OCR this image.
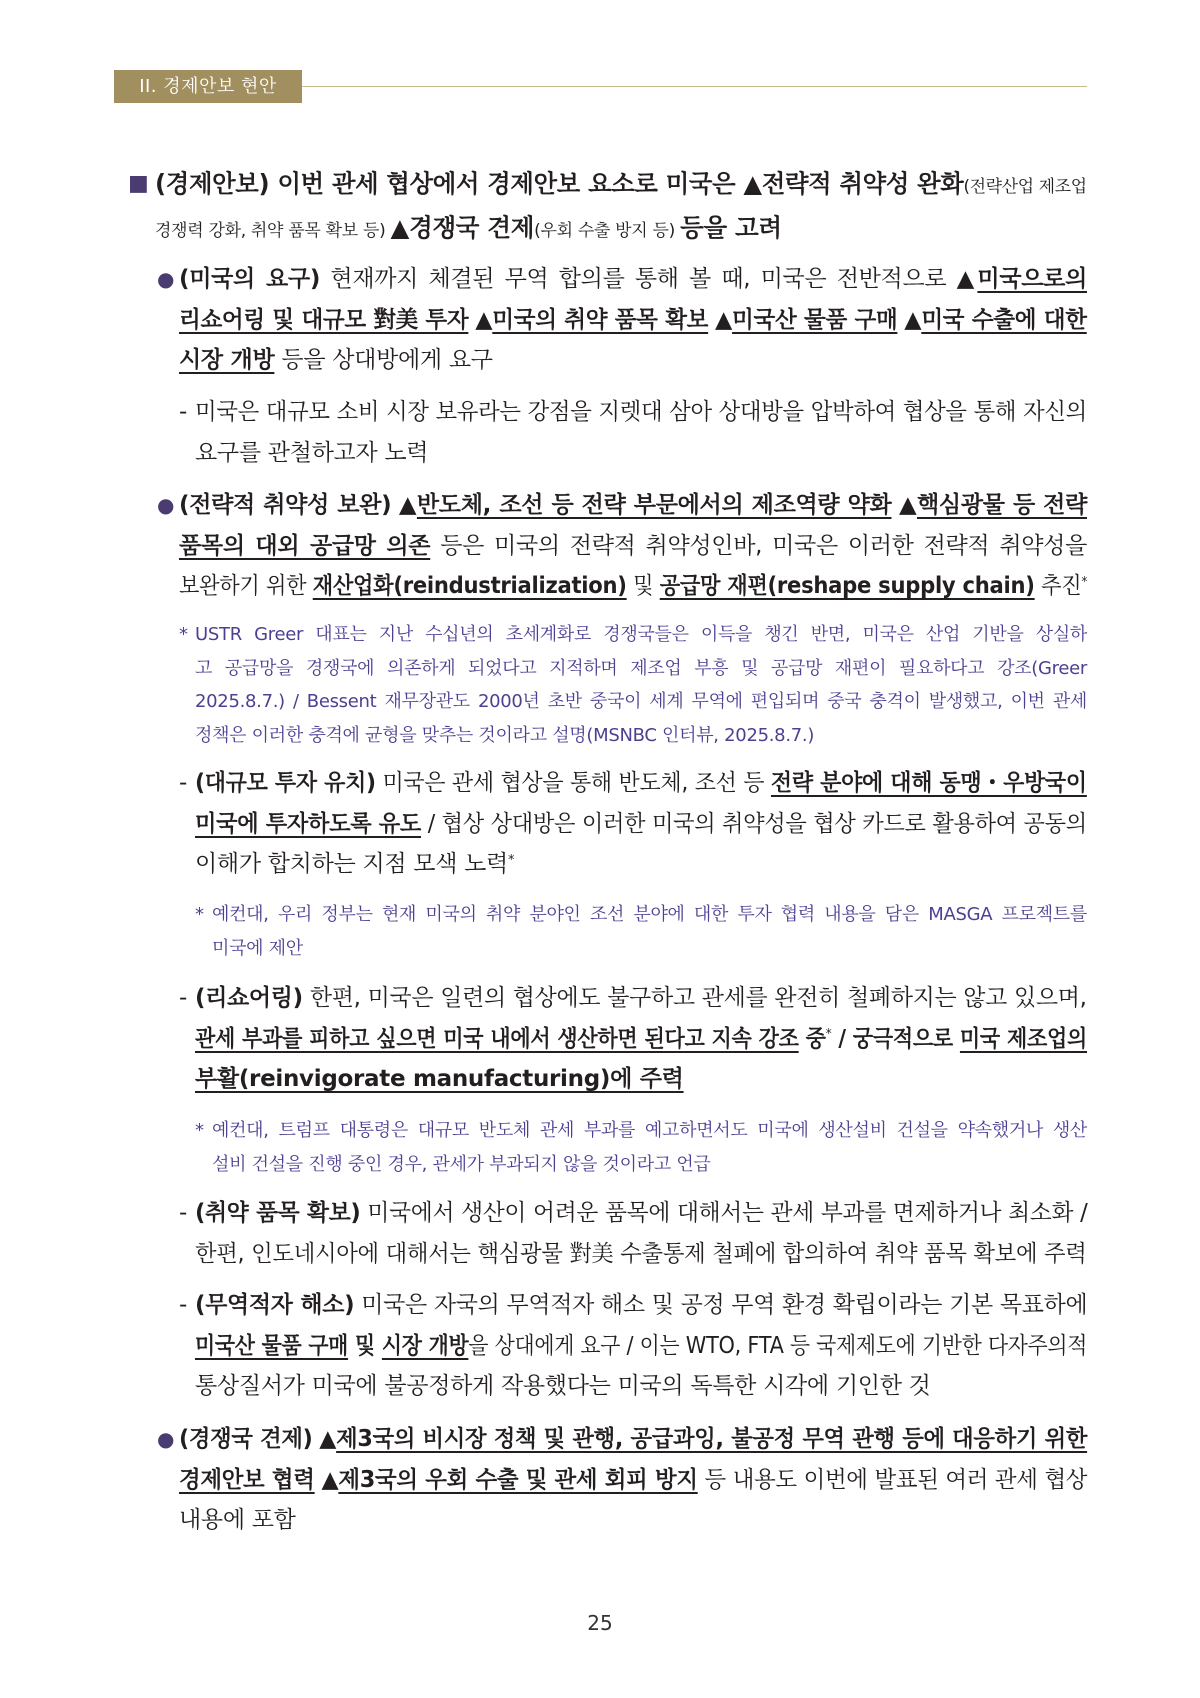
II. 경제안보 현안
■ (경제안보) 이번 관세 협상에서 경제안보 요소로 미국은 ▲전략적 취약성 완화(전략산업 제조업
경쟁력 강화, 취약 품목 확보 등) ▲경쟁국 견제(우회 수출 방지 등) 등을 고려
● (미국의 요구) 현재까지 체결된 무역 합의를 통해 볼 때, 미국은 전반적으로 ▲미국으로의
리쇼어링 및 대규모 對美 투자 ▲미국의 취약 품목 확보 ▲미국산 물품 구매 ▲미국 수출에 대한
시장 개방 등을 상대방에게 요구
- 미국은 대규모 소비 시장 보유라는 강점을 지렛대 삼아 상대방을 압박하여 협상을 통해 자신의
요구를 관철하고자 노력
● (전략적 취약성 보완) ▲반도체, 조선 등 전략 부문에서의 제조역량 약화 ▲핵심광물 등 전략
품목의 대외 공급망 의존 등은 미국의 전략적 취약성인바, 미국은 이러한 전략적 취약성을
보완하기 위한 재산업화(reindustrialization) 및 공급망 재편(reshape supply chain) 추진*
* USTR Greer 대표는 지난 수십년의 초세계화로 경쟁국들은 이득을 챙긴 반면, 미국은 산업 기반을 상실하
고 공급망을 경쟁국에 의존하게 되었다고 지적하며 제조업 부흥 및 공급망 재편이 필요하다고 강조(Greer
2025.8.7.) / Bessent 재무장관도 2000년 초반 중국이 세계 무역에 편입되며 중국 충격이 발생했고, 이번 관세
정책은 이러한 충격에 균형을 맞추는 것이라고 설명(MSNBC 인터뷰, 2025.8.7.)
- (대규모 투자 유치) 미국은 관세 협상을 통해 반도체, 조선 등 전략 분야에 대해 동맹・우방국이
미국에 투자하도록 유도 / 협상 상대방은 이러한 미국의 취약성을 협상 카드로 활용하여 공동의
이해가 합치하는 지점 모색 노력*
* 예컨대, 우리 정부는 현재 미국의 취약 분야인 조선 분야에 대한 투자 협력 내용을 담은 MASGA 프로젝트를
미국에 제안
- (리쇼어링) 한편, 미국은 일련의 협상에도 불구하고 관세를 완전히 철폐하지는 않고 있으며,
관세 부과를 피하고 싶으면 미국 내에서 생산하면 된다고 지속 강조 중* / 궁극적으로 미국 제조업의
부활(reinvigorate manufacturing)에 주력
* 예컨대, 트럼프 대통령은 대규모 반도체 관세 부과를 예고하면서도 미국에 생산설비 건설을 약속했거나 생산
설비 건설을 진행 중인 경우, 관세가 부과되지 않을 것이라고 언급
- (취약 품목 확보) 미국에서 생산이 어려운 품목에 대해서는 관세 부과를 면제하거나 최소화 /
한편, 인도네시아에 대해서는 핵심광물 對美 수출통제 철폐에 합의하여 취약 품목 확보에 주력
- (무역적자 해소) 미국은 자국의 무역적자 해소 및 공정 무역 환경 확립이라는 기본 목표하에
미국산 물품 구매 및 시장 개방을 상대에게 요구 / 이는 WTO, FTA 등 국제제도에 기반한 다자주의적
통상질서가 미국에 불공정하게 작용했다는 미국의 독특한 시각에 기인한 것
● (경쟁국 견제) ▲제3국의 비시장 정책 및 관행, 공급과잉, 불공정 무역 관행 등에 대응하기 위한
경제안보 협력 ▲제3국의 우회 수출 및 관세 회피 방지 등 내용도 이번에 발표된 여러 관세 협상
내용에 포함
25
